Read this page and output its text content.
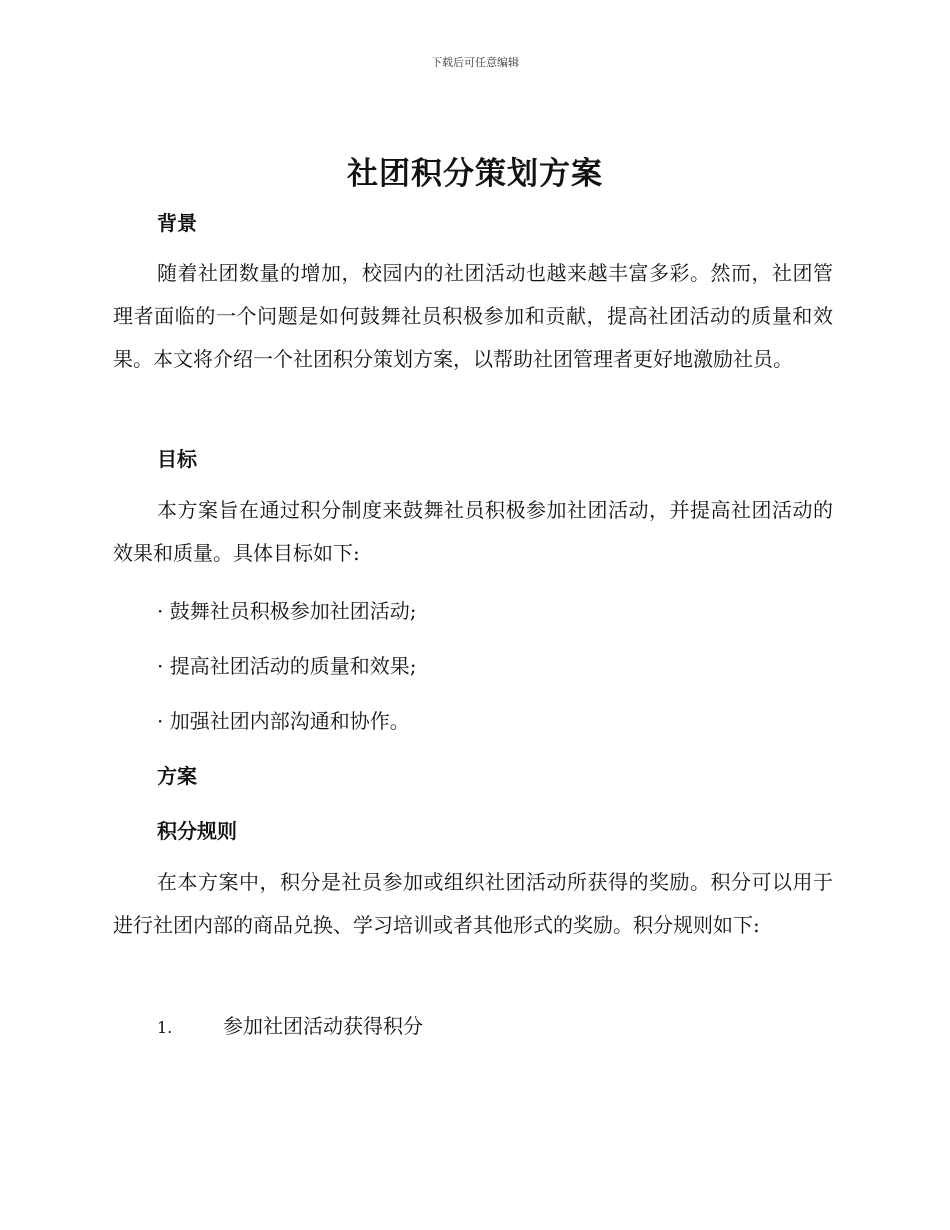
下载后可任意编辑
社团积分策划方案
背景
随着社团数量的增加，校园内的社团活动也越来越丰富多彩。然而，社团管理者面临的一个问题是如何鼓舞社员积极参加和贡献，提高社团活动的质量和效果。本文将介绍一个社团积分策划方案，以帮助社团管理者更好地激励社员。
目标
本方案旨在通过积分制度来鼓舞社员积极参加社团活动，并提高社团活动的效果和质量。具体目标如下:
· 鼓舞社员积极参加社团活动;
· 提高社团活动的质量和效果;
· 加强社团内部沟通和协作。
方案
积分规则
在本方案中，积分是社员参加或组织社团活动所获得的奖励。积分可以用于进行社团内部的商品兑换、学习培训或者其他形式的奖励。积分规则如下:
1.	参加社团活动获得积分
